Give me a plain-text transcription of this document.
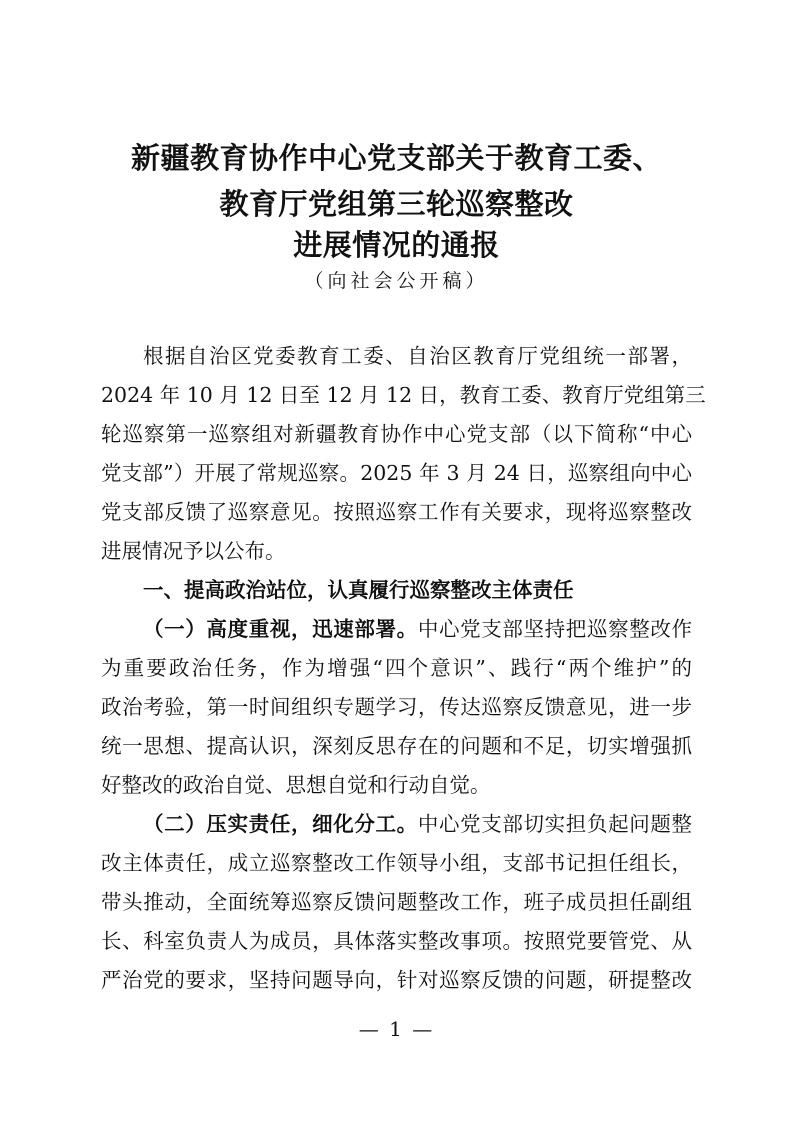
新疆教育协作中心党支部关于教育工委、
教育厅党组第三轮巡察整改
进展情况的通报
（向社会公开稿）
根据自治区党委教育工委、自治区教育厅党组统一部署，
2024 年 10 月 12 日至 12 月 12 日，教育工委、教育厅党组第三
轮巡察第一巡察组对新疆教育协作中心党支部（以下简称“中心
党支部”）开展了常规巡察。2025 年 3 月 24 日，巡察组向中心
党支部反馈了巡察意见。按照巡察工作有关要求，现将巡察整改
进展情况予以公布。
一、提高政治站位，认真履行巡察整改主体责任
（一）高度重视，迅速部署。中心党支部坚持把巡察整改作
为重要政治任务，作为增强“四个意识”、践行“两个维护”的
政治考验，第一时间组织专题学习，传达巡察反馈意见，进一步
统一思想、提高认识，深刻反思存在的问题和不足，切实增强抓
好整改的政治自觉、思想自觉和行动自觉。
（二）压实责任，细化分工。中心党支部切实担负起问题整
改主体责任，成立巡察整改工作领导小组，支部书记担任组长，
带头推动，全面统筹巡察反馈问题整改工作，班子成员担任副组
长、科室负责人为成员，具体落实整改事项。按照党要管党、从
严治党的要求，坚持问题导向，针对巡察反馈的问题，研提整改
— 1 —
